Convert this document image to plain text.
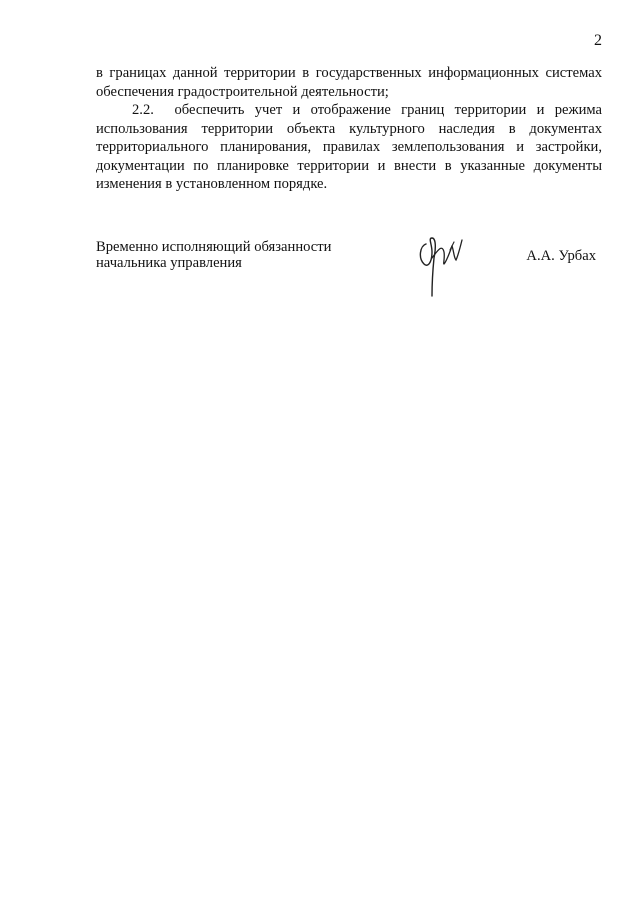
2

в границах данной территории в государственных информационных системах обеспечения градостроительной деятельности;

2.2. обеспечить учет и отображение границ территории и режима использования территории объекта культурного наследия в документах территориального планирования, правилах землепользования и застройки, документации по планировке территории и внести в указанные документы изменения в установленном порядке.

Временно исполняющий обязанности
начальника управления	А.А. Урбах
